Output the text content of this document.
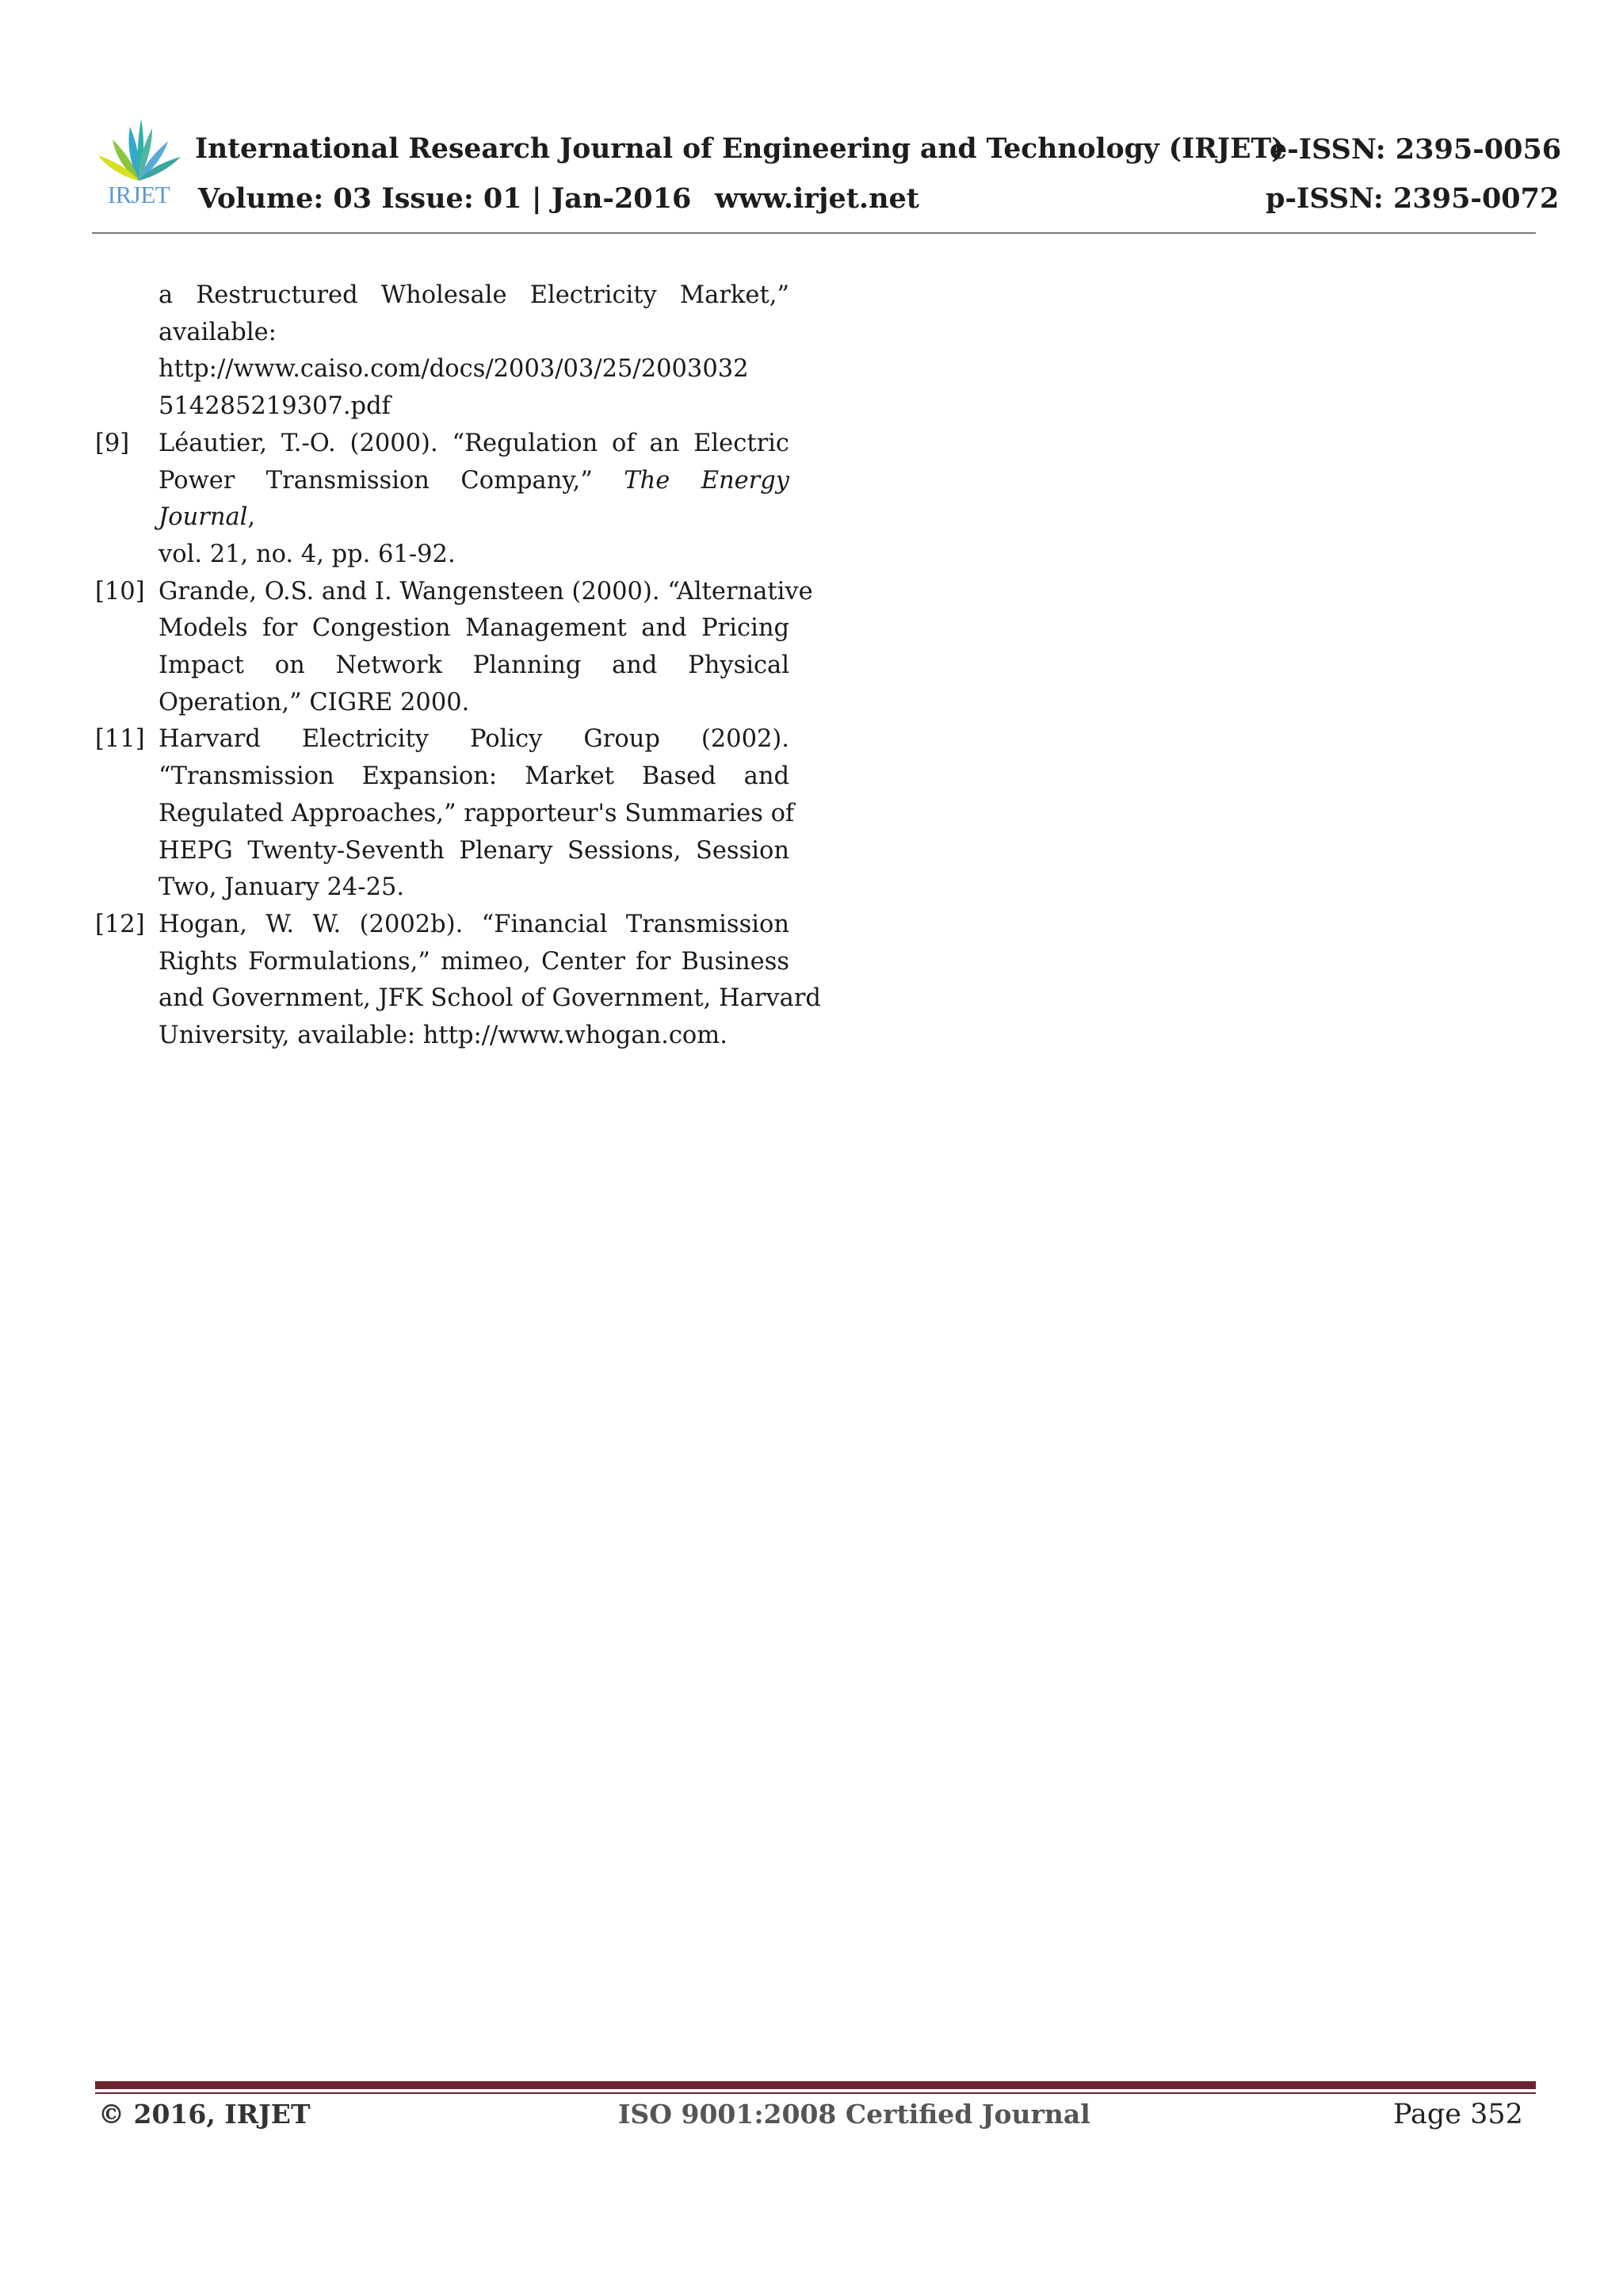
IRJET
International Research Journal of Engineering and Technology (IRJET)
e-ISSN: 2395-0056
Volume: 03 Issue: 01 | Jan-2016 www.irjet.net	p-ISSN: 2395-0072
a Restructured Wholesale Electricity Market,”
available:
http://www.caiso.com/docs/2003/03/25/2003032
514285219307.pdf
[9] Léautier, T.-O. (2000). “Regulation of an Electric
Power Transmission Company,” The Energy Journal,
vol. 21, no. 4, pp. 61-92.
[10] Grande, O.S. and I. Wangensteen (2000). “Alternative
Models for Congestion Management and Pricing
Impact on Network Planning and Physical
Operation,” CIGRE 2000.
[11] Harvard Electricity Policy Group (2002).
“Transmission Expansion: Market Based and
Regulated Approaches,” rapporteur's Summaries of
HEPG Twenty-Seventh Plenary Sessions, Session
Two, January 24-25.
[12] Hogan, W. W. (2002b). “Financial Transmission
Rights Formulations,” mimeo, Center for Business
and Government, JFK School of Government, Harvard
University, available: http://www.whogan.com.
© 2016, IRJET	ISO 9001:2008 Certified Journal	Page 352
